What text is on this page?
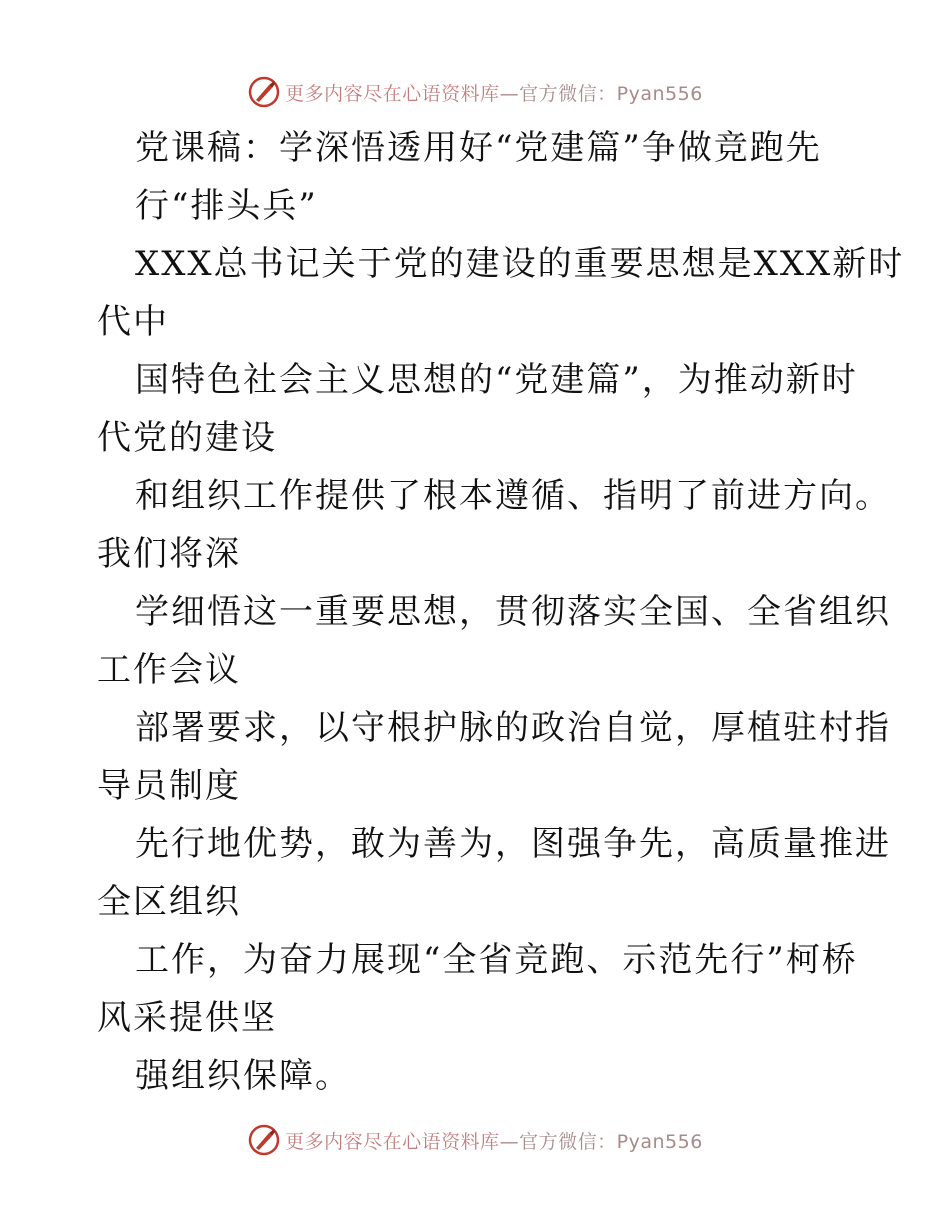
更多内容尽在心语资料库—官方微信：Pyan556
党课稿：学深悟透用好“党建篇”争做竞跑先
行“排头兵”
XXX总书记关于党的建设的重要思想是XXX新时
代中
国特色社会主义思想的“党建篇”，为推动新时
代党的建设
和组织工作提供了根本遵循、指明了前进方向。
我们将深
学细悟这一重要思想，贯彻落实全国、全省组织
工作会议
部署要求，以守根护脉的政治自觉，厚植驻村指
导员制度
先行地优势，敢为善为，图强争先，高质量推进
全区组织
工作，为奋力展现“全省竞跑、示范先行”柯桥
风采提供坚
强组织保障。
更多内容尽在心语资料库—官方微信：Pyan556
